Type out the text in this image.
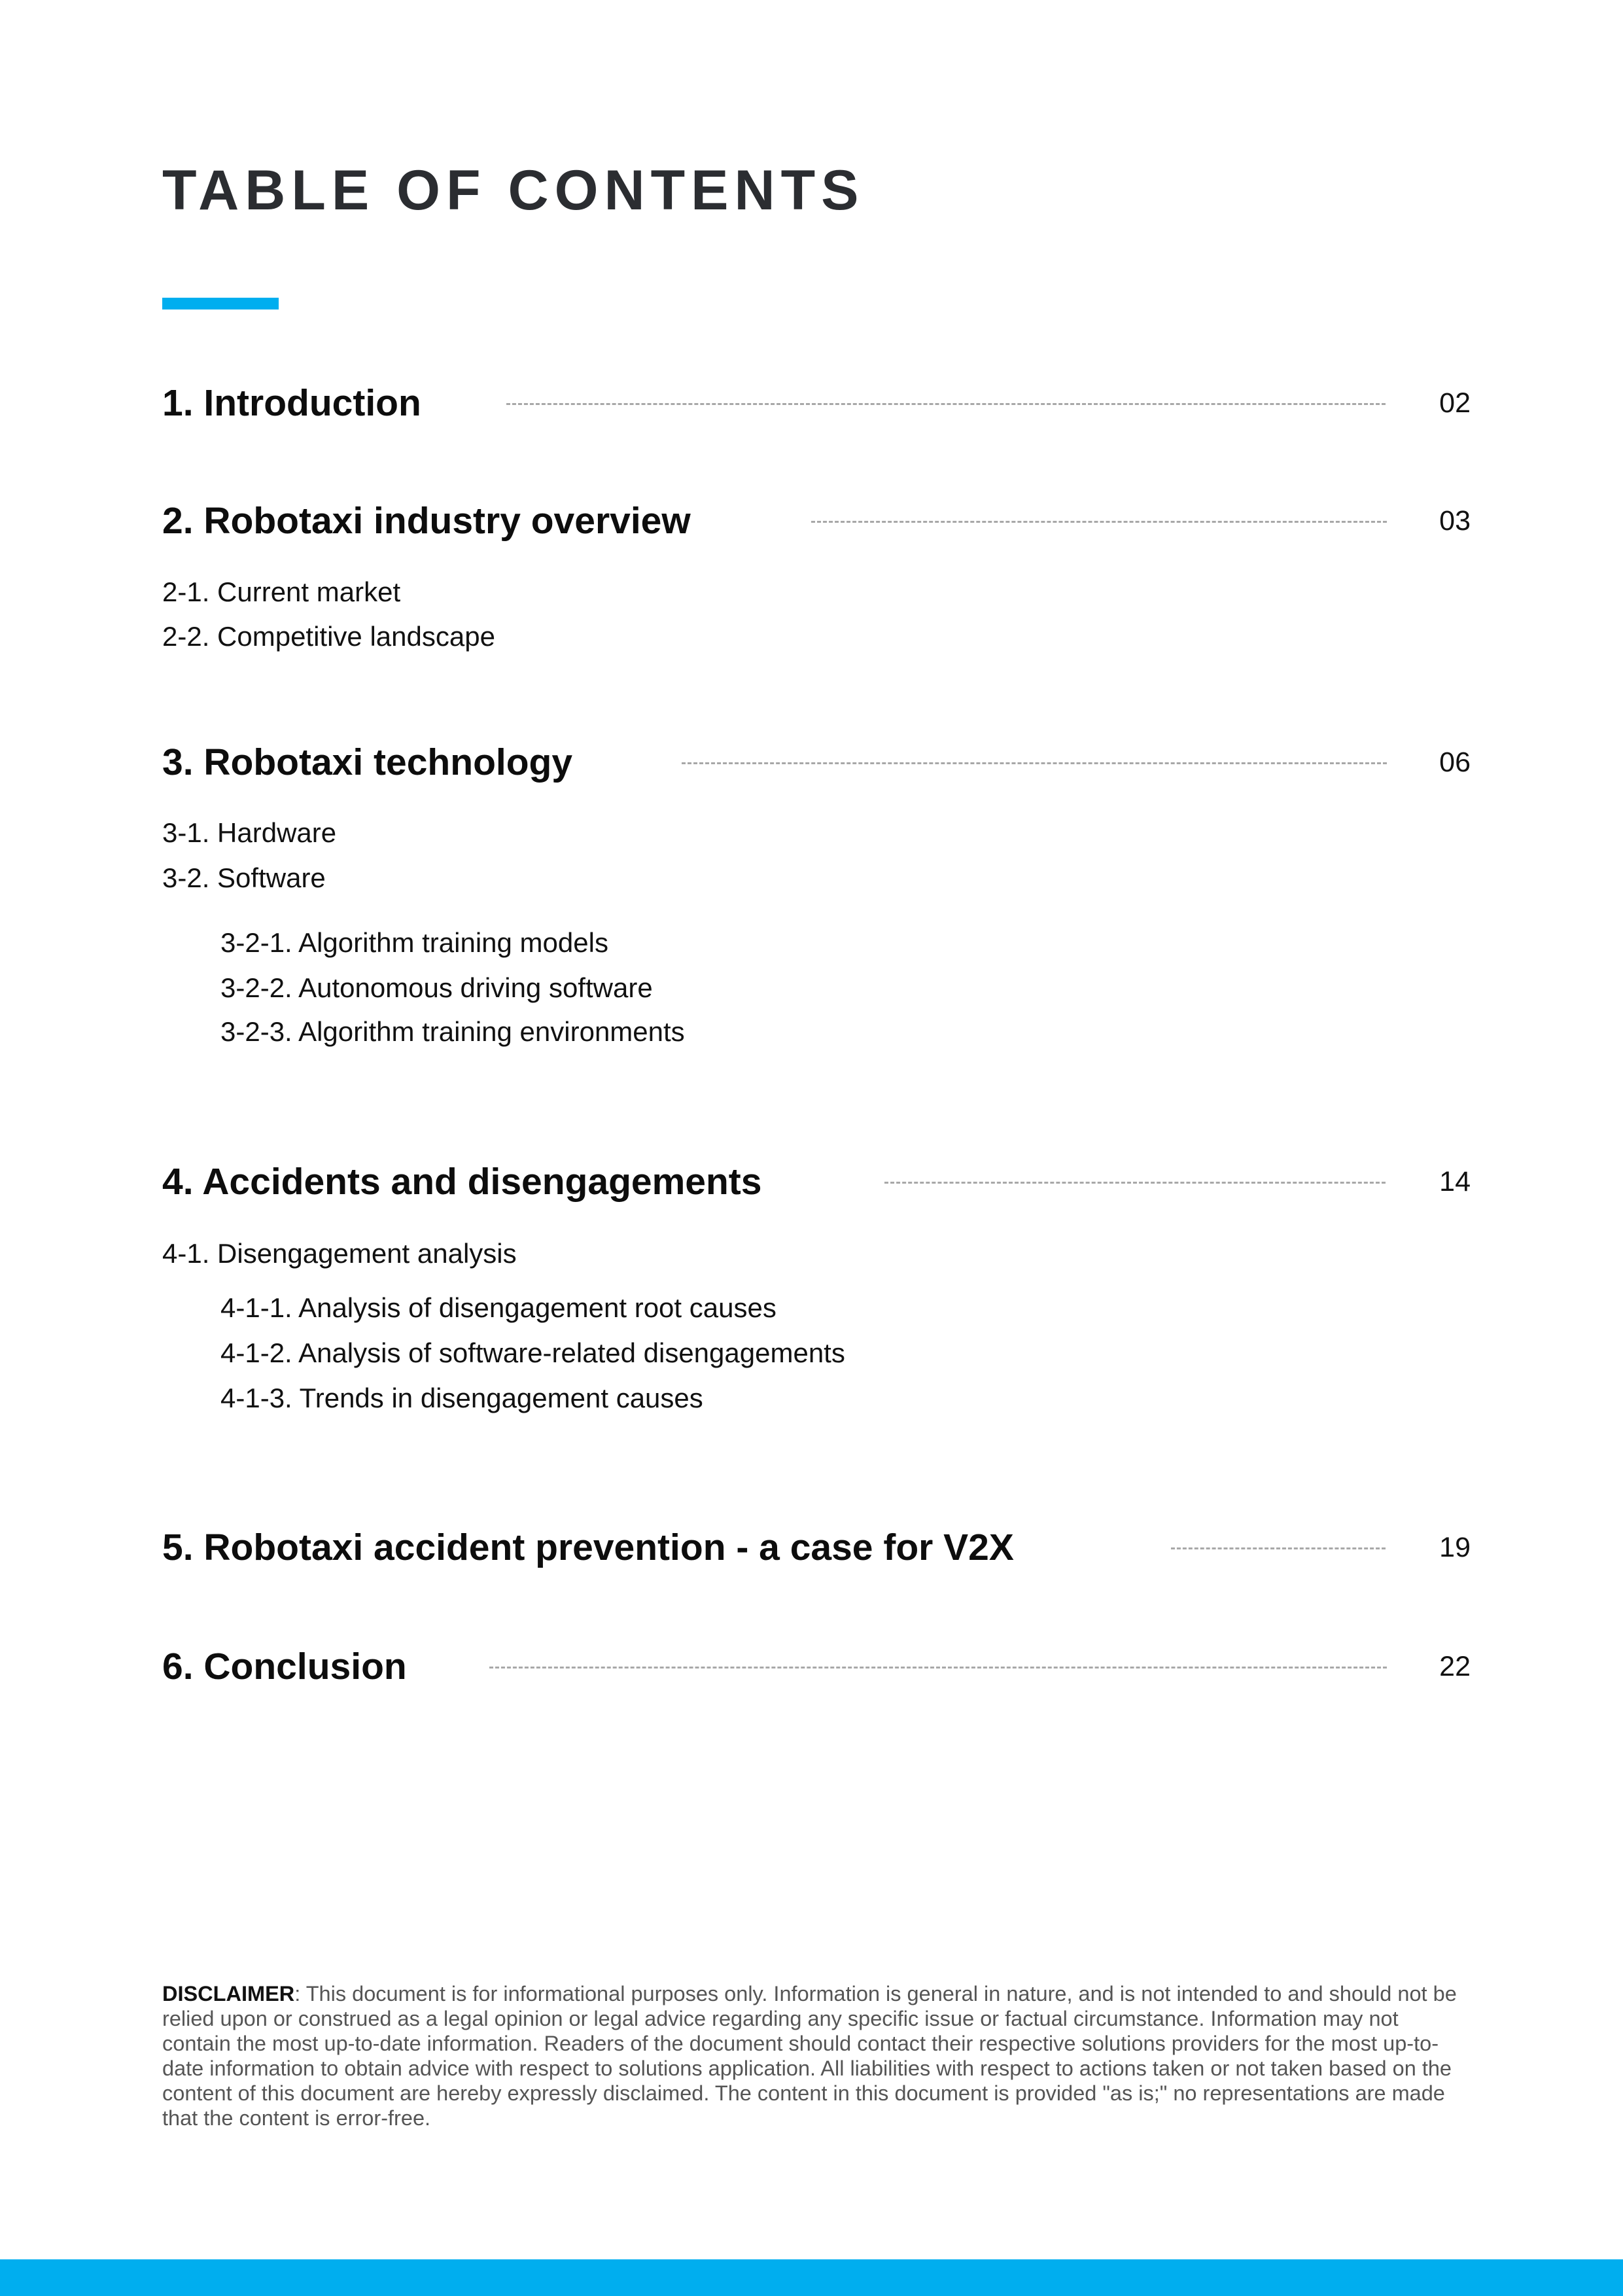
TABLE OF CONTENTS
1. Introduction	02
2. Robotaxi industry overview	03
2-1. Current market
2-2. Competitive landscape
3. Robotaxi technology	06
3-1. Hardware
3-2. Software
3-2-1. Algorithm training models
3-2-2. Autonomous driving software
3-2-3. Algorithm training environments
4. Accidents and disengagements	14
4-1. Disengagement analysis
4-1-1. Analysis of disengagement root causes
4-1-2. Analysis of software-related disengagements
4-1-3. Trends in disengagement causes
5. Robotaxi accident prevention - a case for V2X	19
6. Conclusion	22
DISCLAIMER: This document is for informational purposes only. Information is general in nature, and is not intended to and should not be relied upon or construed as a legal opinion or legal advice regarding any specific issue or factual circumstance. Information may not contain the most up-to-date information. Readers of the document should contact their respective solutions providers for the most up-to-date information to obtain advice with respect to solutions application. All liabilities with respect to actions taken or not taken based on the content of this document are hereby expressly disclaimed. The content in this document is provided "as is;" no representations are made that the content is error-free.
